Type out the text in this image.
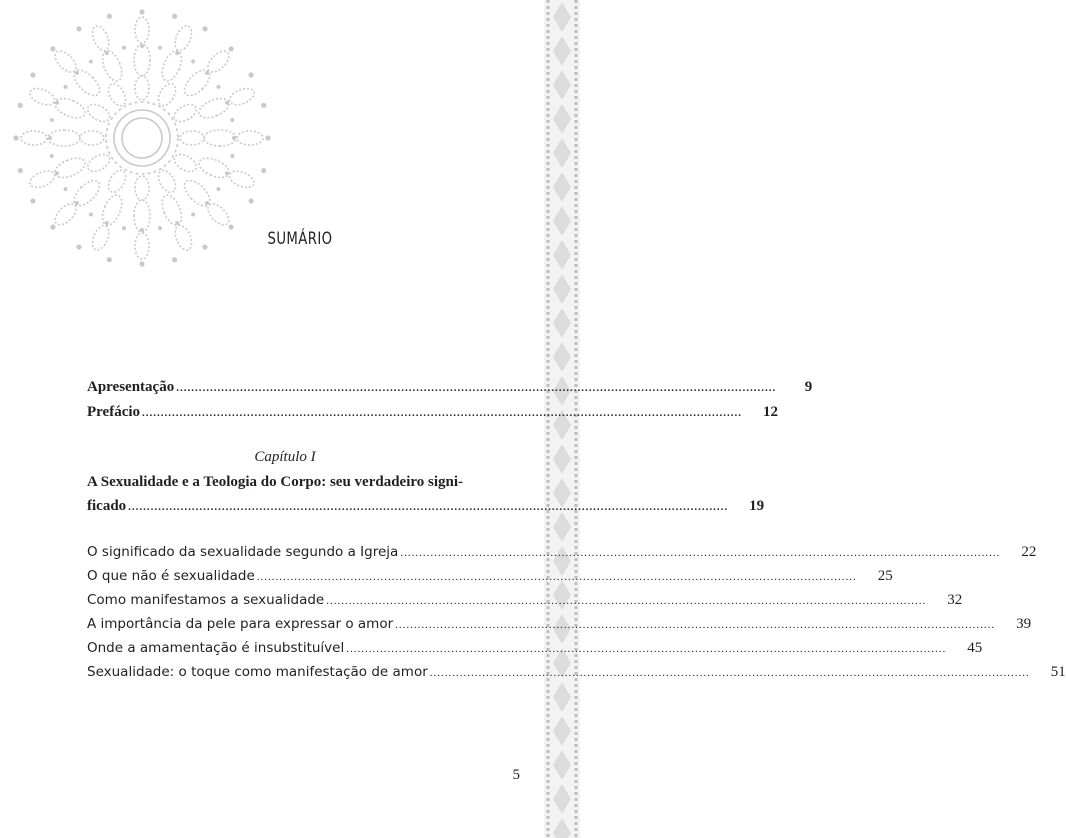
SUMÁRIO
Apresentação ................................................................................................................................................................	9
Prefácio ................................................................................................................................................................	12
Capítulo I
A Sexualidade e a Teologia do Corpo: seu verdadeiro signi-
ficado ................................................................................................................................................................	19
O significado da sexualidade segundo a Igreja ................................................................................................................................................................	22
O que não é sexualidade ................................................................................................................................................................	25
Como manifestamos a sexualidade ................................................................................................................................................................	32
A importância da pele para expressar o amor ................................................................................................................................................................	39
Onde a amamentação é insubstituível ................................................................................................................................................................	45
Sexualidade: o toque como manifestação de amor ................................................................................................................................................................	51
5
